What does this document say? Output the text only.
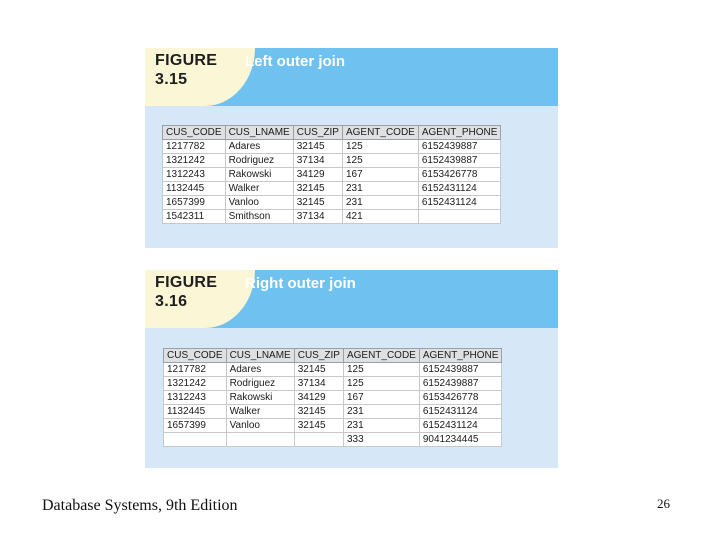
FIGURE
3.15
Left outer join
CUS_CODE	CUS_LNAME	CUS_ZIP	AGENT_CODE	AGENT_PHONE
1217782	Adares	32145	125	6152439887
1321242	Rodriguez	37134	125	6152439887
1312243	Rakowski	34129	167	6153426778
1132445	Walker	32145	231	6152431124
1657399	Vanloo	32145	231	6152431124
1542311	Smithson	37134	421	
FIGURE
3.16
Right outer join
CUS_CODE	CUS_LNAME	CUS_ZIP	AGENT_CODE	AGENT_PHONE
1217782	Adares	32145	125	6152439887
1321242	Rodriguez	37134	125	6152439887
1312243	Rakowski	34129	167	6153426778
1132445	Walker	32145	231	6152431124
1657399	Vanloo	32145	231	6152431124
			333	9041234445
Database Systems, 9th Edition	26
